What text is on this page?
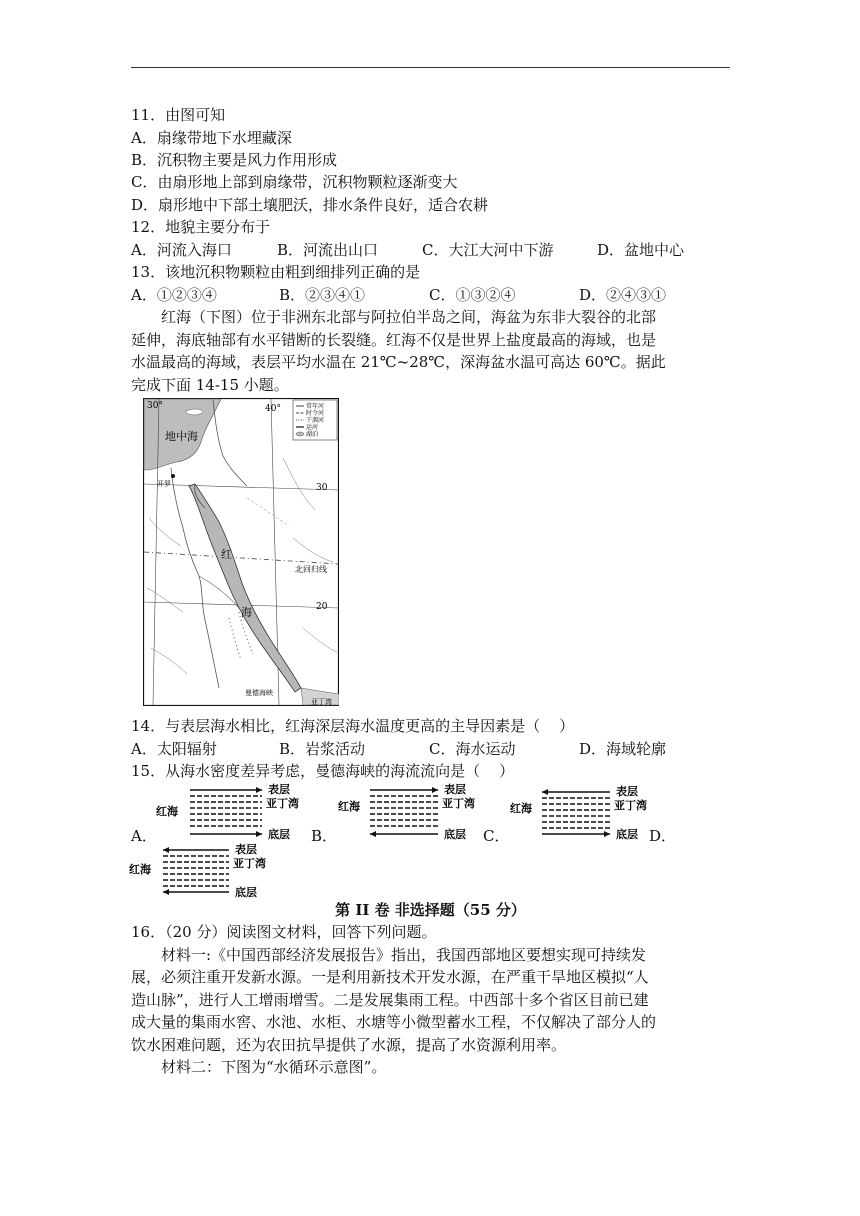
11．由图可知
A．扇缘带地下水埋藏深
B．沉积物主要是风力作用形成
C．由扇形地上部到扇缘带，沉积物颗粒逐渐变大
D．扇形地中下部土壤肥沃，排水条件良好，适合农耕
12．地貌主要分布于
A．河流入海口	B．河流出山口	C．大江大河中下游	D．盆地中心
13．该地沉积物颗粒由粗到细排列正确的是
A．①②③④	B．②③④①	C．①③②④	D．②④③①
红海（下图）位于非洲东北部与阿拉伯半岛之间，海盆为东非大裂谷的北部
延伸，海底轴部有水平错断的长裂缝。红海不仅是世界上盐度最高的海域，也是
水温最高的海域，表层平均水温在 21℃~28℃，深海盆水温可高达 60℃。据此
完成下面 14-15 小题。
常年河
时令河
干涸河
运河
湖泊
30°	40°
30
20
地中海
开罗
红
海
北回归线
曼德海峡
亚丁湾
14．与表层海水相比，红海深层海水温度更高的主导因素是（    ）
A．太阳辐射	B．岩浆活动	C．海水运动	D．海域轮廓
15．从海水密度差异考虑，曼德海峡的海流流向是（    ）
红海
表层
亚丁湾
底层
A．
红海
表层
亚丁湾
底层
B．
红海
表层
亚丁湾
底层
C．	D．
红海
表层
亚丁湾
底层
第 II 卷 非选择题（55 分）
16．（20 分）阅读图文材料，回答下列问题。
材料一:《中国西部经济发展报告》指出，我国西部地区要想实现可持续发
展，必须注重开发新水源。一是利用新技术开发水源，在严重干旱地区模拟“人
造山脉”，进行人工增雨增雪。二是发展集雨工程。中西部十多个省区目前已建
成大量的集雨水窖、水池、水柜、水塘等小微型蓄水工程，不仅解决了部分人的
饮水困难问题，还为农田抗旱提供了水源，提高了水资源利用率。
材料二：下图为“水循环示意图”。
